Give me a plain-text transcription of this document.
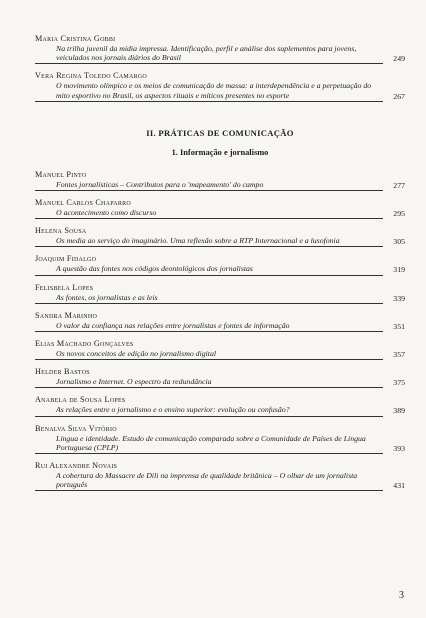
Maria Cristina Gobbi
Na trilha juvenil da mídia impressa. Identificação, perfil e análise dos suplementos para jovens, veiculados nos jornais diários do Brasil	249
Vera Regina Toledo Camargo
O movimento olímpico e os meios de comunicação de massa: a interdependência e a perpetuação do mito esportivo no Brasil, os aspectos rituais e míticos presentes no esporte	267
II. PRÁTICAS DE COMUNICAÇÃO
1. Informação e jornalismo
Manuel Pinto
Fontes jornalísticas – Contributos para o 'mapeamento' do campo	277
Manuel Carlos Chaparro
O acontecimento como discurso	295
Helena Sousa
Os media ao serviço do imaginário. Uma reflexão sobre a RTP Internacional e a lusofonia	305
Joaquim Fidalgo
A questão das fontes nos códigos deontológicos dos jornalistas	319
Felisbela Lopes
As fontes, os jornalistas e as leis	339
Sandra Marinho
O valor da confiança nas relações entre jornalistas e fontes de informação	351
Elias Machado Gonçalves
Os novos conceitos de edição no jornalismo digital	357
Helder Bastos
Jornalismo e Internet. O espectro da redundância	375
Anabela de Sousa Lopes
As relações entre o jornalismo e o ensino superior: evolução ou confusão?	389
Benalva Silva Vitório
Língua e identidade. Estudo de comunicação comparada sobre a Comunidade de Países de Língua Portuguesa (CPLP)	393
Rui Alexandre Novais
A cobertura do Massacre de Dili na imprensa de qualidade britânica – O olhar de um jornalista português	431
3
